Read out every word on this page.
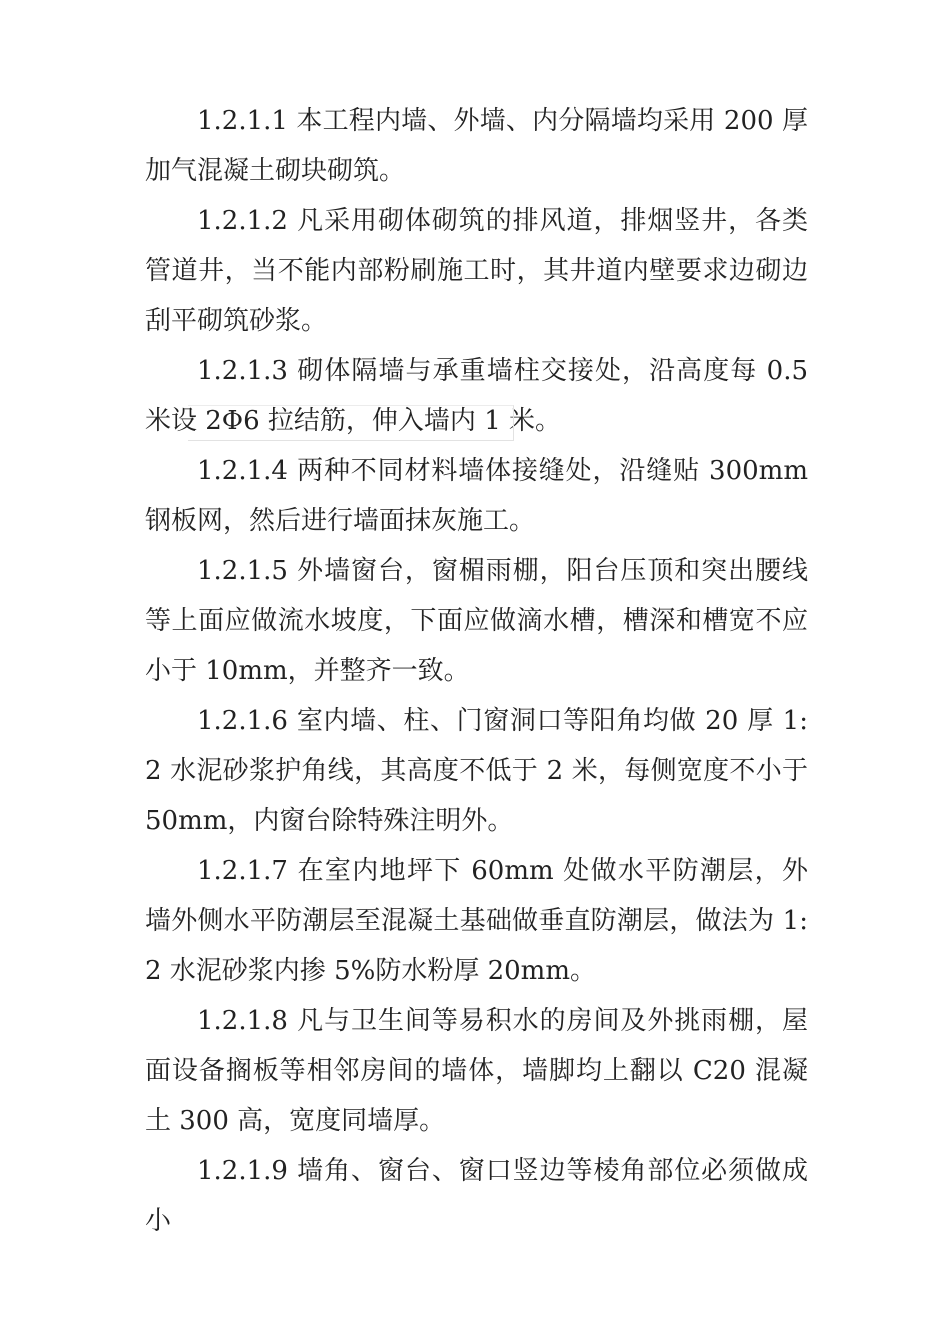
1.2.1.1 本工程内墙、外墙、内分隔墙均采用 200 厚加气混凝土砌块砌筑。

1.2.1.2 凡采用砌体砌筑的排风道，排烟竖井，各类管道井，当不能内部粉刷施工时，其井道内壁要求边砌边刮平砌筑砂浆。

1.2.1.3 砌体隔墙与承重墙柱交接处，沿高度每 0.5 米设 2Φ6 拉结筋，伸入墙内 1 米。

1.2.1.4 两种不同材料墙体接缝处，沿缝贴 300mm 钢板网，然后进行墙面抹灰施工。

1.2.1.5 外墙窗台，窗楣雨棚，阳台压顶和突出腰线等上面应做流水坡度，下面应做滴水槽，槽深和槽宽不应小于 10mm，并整齐一致。

1.2.1.6 室内墙、柱、门窗洞口等阳角均做 20 厚 1:2 水泥砂浆护角线，其高度不低于 2 米，每侧宽度不小于 50mm，内窗台除特殊注明外。

1.2.1.7 在室内地坪下 60mm 处做水平防潮层，外墙外侧水平防潮层至混凝土基础做垂直防潮层，做法为 1:2 水泥砂浆内掺 5%防水粉厚 20mm。

1.2.1.8 凡与卫生间等易积水的房间及外挑雨棚，屋面设备搁板等相邻房间的墙体，墙脚均上翻以 C20 混凝土 300 高，宽度同墙厚。

1.2.1.9 墙角、窗台、窗口竖边等棱角部位必须做成小
